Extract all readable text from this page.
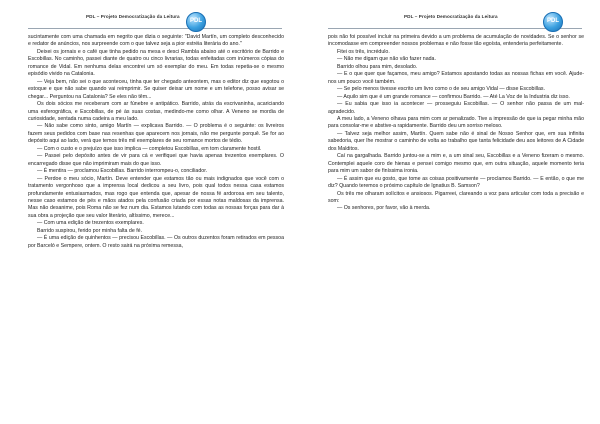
PDL – Projeto Democratização da Leitura
PDL

sucintamente com uma chamada em negrito que dizia o seguinte: "David Martín, um completo desconhecido e redator de anúncios, nos surpreende com o que talvez seja a pior estréia literária do ano."

Deixei os jornais e o café que tinha pedido na mesa e desci Rambla abaixo até o escritório de Barrido e Escobillas. No caminho, passei diante de quatro ou cinco livrarias, todas enfeitadas com inúmeros cópias do romance de Vidal. Em nenhuma delas encontrei um só exemplar do meu. Em todas repetia-se o mesmo episódio vivido na Catalonia.

— Veja bem, não sei o que aconteceu, tinha que ter chegado anteontem, mas o editor diz que esgotou o estoque e que não sabe quando vai reimprimir. Se quiser deixar um nome e um telefone, posso avisar se chegar... Perguntou na Catalonia? Se eles não têm...

Os dois sócios me receberam com ar fúnebre e antipático. Barrido, atrás da escrivaninha, acariciando uma esferográfica, e Escobillas, de pé às suas costas, medindo-me como olhar. A Veneno se mordia de curiosidade, sentada numa cadeira a meu lado.

— Não sabe como sinto, amigo Martín — explicava Barrido. — O problema é o seguinte: os livreiros fazem seus pedidos com base nas resenhas que aparecem nos jornais, não me pergunte porquê. Se for ao depósito aqui ao lado, verá que temos três mil exemplares de seu romance mortos de tédio.

— Com o custo e o prejuízo que isso implica — completou Escobillas, em tom claramente hostil.

— Passei pelo depósito antes de vir para cá e verifiquei que havia apenas trezentos exemplares. O encarregado disse que não imprimiram mais do que isso.

— É mentira — proclamou Escobillas. Barrido interrompeu-o, conciliador.

— Perdoe o meu sócio, Martín. Deve entender que estamos tão ou mais indignados que você com o tratamento vergonhoso que a imprensa local dedicou a seu livro, pois qual todos nessa casa estamos profundamente entusiasmados, mas rogo que entenda que, apesar de nossa fé ardorosa em seu talento, nesse caso estamos de pés e mãos atados pela confusão criada por essas notas maldosas da imprensa. Mas não desanime, pois Roma não se fez num dia. Estamos lutando com todas as nossas forças para dar à sua obra a projeção que seu valor literário, altíssimo, merece...

— Com uma edição de trezentos exemplares.

Barrido suspirou, ferido por minha falta de fé.

— É uma edição de quinhentos — precisou Escobillas. — Os outros duzentos foram retirados em pessoa por Barceló e Sempere, ontem. O resto sairá na próxima remessa,

PDL – Projeto Democratização da Leitura
PDL

pois não foi possível incluir na primeira devido a um problema de acumulação de novidades. Se o senhor se incomodasse em compreender nossos problemas e não fosse tão egoísta, entenderia perfeitamente.

Fitei os três, incrédulo.

— Não me digam que não vão fazer nada.

Barrido olhou para mim, desolado.

— E o que quer que façamos, meu amigo? Estamos apostando todas as nossas fichas em você. Ajude-nos um pouco você também.

— Se pelo menos tivesse escrito um livro como o de seu amigo Vidal — disse Escobillas.

— Aquilo sim que é um grande romance — confirmou Barrido. — Até La Voz de la Industria diz isso.

— Eu sabia que isso ia acontecer — prosseguiu Escobillas. — O senhor não passa de um mal-agradecido.

A meu lado, a Veneno olhava para mim com ar penalizado. Tive a impressão de que ia pegar minha mão para consolar-me e abstive-a rapidamente. Barrido deu um sorriso meloso.

— Talvez seja melhor assim, Martín. Quem sabe não é sinal de Nosso Senhor que, em sua infinita sabedoria, quer lhe mostrar o caminho de volta ao trabalho que tanta felicidade deu aos leitores de A Cidade dos Malditos.

Caí na gargalhada. Barrido juntou-se a mim e, a um sinal seu, Escobillas e a Veneno fizeram o mesmo. Contemplei aquele coro de hienas e pensei comigo mesmo que, em outra situação, aquele momento teria para mim um sabor de finíssima ironia.

— É assim que eu gosto, que tome as coisas positivamente — proclamou Barrido. — E então, o que me diz? Quando teremos o próximo capítulo de Ignatius B. Samson?

Os três me olharam solícitos e ansiosos. Pigarreei, clareando a voz para articular com toda a precisão e som:

— Os senhores, por favor, vão à merda.
